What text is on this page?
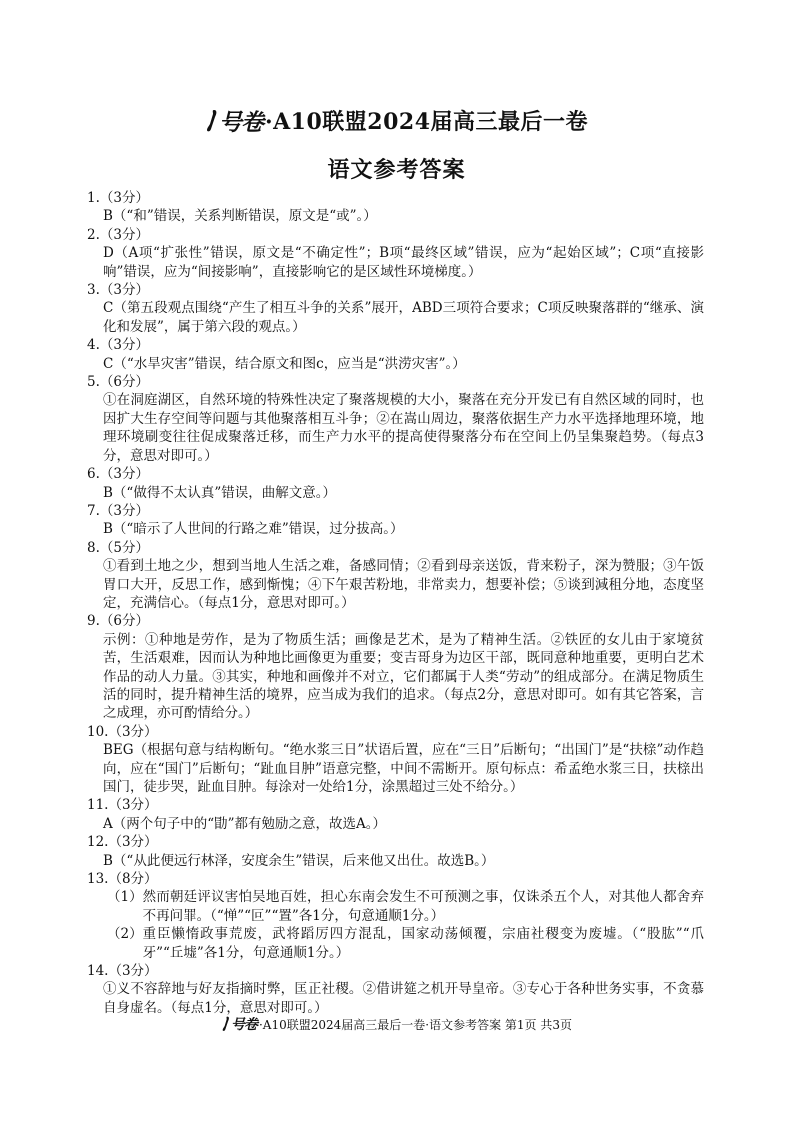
号卷 ·A10联盟2024届高三最后一卷
语文参考答案
1.（3分）
B（“和”错误，关系判断错误，原文是“或”。）
2.（3分）
D（A项“扩张性”错误，原文是“不确定性”；B项“最终区域”错误，应为“起始区域”；C项“直接影响”错误，应为“间接影响”，直接影响它的是区域性环境梯度。）
3.（3分）
C（第五段观点围绕“产生了相互斗争的关系”展开，ABD三项符合要求；C项反映聚落群的“继承、演化和发展”，属于第六段的观点。）
4.（3分）
C（“水旱灾害”错误，结合原文和图c，应当是“洪涝灾害”。）
5.（6分）
①在洞庭湖区，自然环境的特殊性决定了聚落规模的大小，聚落在充分开发已有自然区域的同时，也因扩大生存空间等问题与其他聚落相互斗争；②在嵩山周边，聚落依据生产力水平选择地理环境，地理环境刷变往往促成聚落迁移，而生产力水平的提高使得聚落分布在空间上仍呈集聚趋势。（每点3分，意思对即可。）
6.（3分）
B（“做得不太认真”错误，曲解文意。）
7.（3分）
B（“暗示了人世间的行路之难”错误，过分拔高。）
8.（5分）
①看到土地之少，想到当地人生活之难，备感同情；②看到母亲送饭，背来粉子，深为赞服；③午饭胃口大开，反思工作，感到惭愧；④下午艰苦粉地，非常卖力，想要补偿；⑤谈到減租分地，态度坚定，充满信心。（每点1分，意思对即可。）
9.（6分）
示例：①种地是劳作，是为了物质生活；画像是艺术，是为了精神生活。②铁匠的女儿由于家境贫苦，生活艰难，因而认为种地比画像更为重要；变吉哥身为边区干部，既同意种地重要，更明白艺术作品的动人力量。③其实，种地和画像并不对立，它们都属于人类“劳动”的组成部分。在满足物质生活的同时，提升精神生活的境界，应当成为我们的追求。（每点2分，意思对即可。如有其它答案，言之成理，亦可酌情给分。）
10.（3分）
BEG（根据句意与结构断句。“绝水浆三日”状语后置，应在“三日”后断句；“出国门”是“扶榇”动作趋向，应在“国门”后断句；“趾血目肿”语意完整，中间不需断开。原句标点：希孟绝水浆三日，扶榇出国门，徒步哭，趾血目肿。每涂对一处给1分，涂黑超过三处不给分。）
11.（3分）
A（两个句子中的“勖”都有勉励之意，故选A。）
12.（3分）
B（“从此便远行林泽，安度余生”错误，后来他又出仕。故选B。）
13.（8分）
（1） 然而朝廷评议害怕吴地百姓，担心东南会发生不可预测之事，仅诛杀五个人，对其他人都舍弃不再问罪。（“惮”“叵”“置”各1分，句意通顺1分。）
（2） 重臣懒惰政事荒废，武将蹈厉四方混乱，国家动荡倾覆，宗庙社稷变为废墟。（“股肱”“爪牙”“丘墟”各1分，句意通顺1分。）
14.（3分）
①义不容辞地与好友指摘时弊，匡正社稷。②借讲筵之机开导皇帝。③专心于各种世务实事，不贪慕自身虚名。（每点1分，意思对即可。）
号卷 ·A10联盟2024届高三最后一卷·语文参考答案 第1页 共3页
